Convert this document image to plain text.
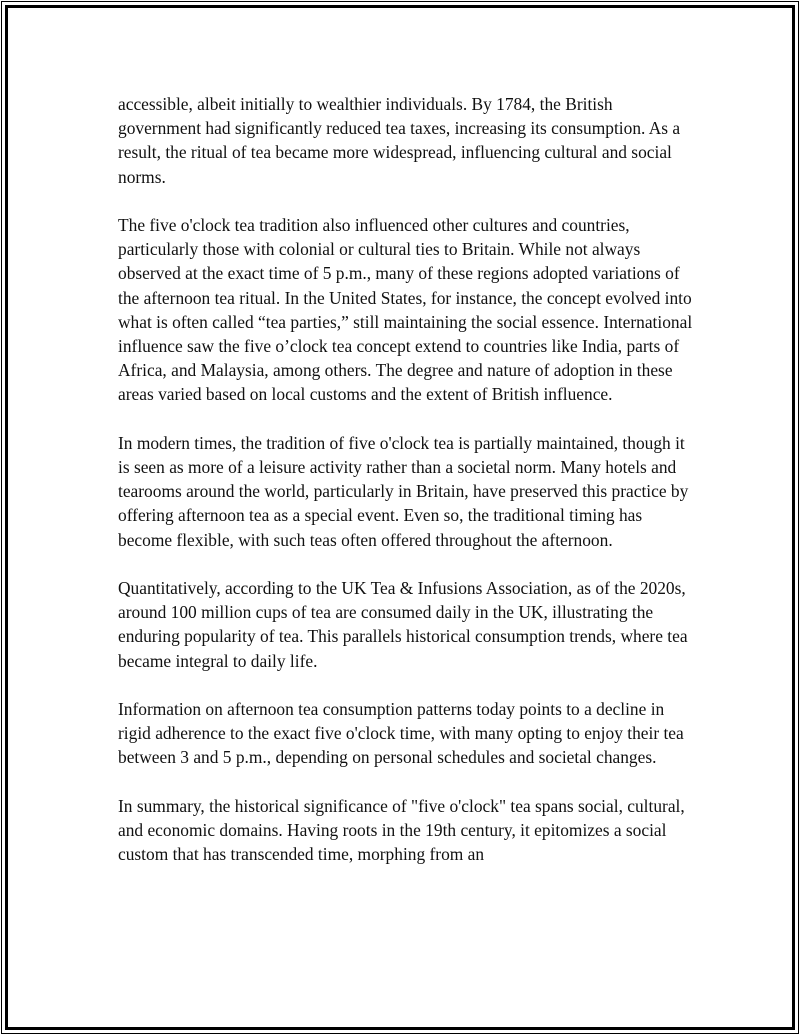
accessible, albeit initially to wealthier individuals. By 1784, the British government had significantly reduced tea taxes, increasing its consumption. As a result, the ritual of tea became more widespread, influencing cultural and social norms.

The five o'clock tea tradition also influenced other cultures and countries, particularly those with colonial or cultural ties to Britain. While not always observed at the exact time of 5 p.m., many of these regions adopted variations of the afternoon tea ritual. In the United States, for instance, the concept evolved into what is often called “tea parties,” still maintaining the social essence. International influence saw the five o’clock tea concept extend to countries like India, parts of Africa, and Malaysia, among others. The degree and nature of adoption in these areas varied based on local customs and the extent of British influence.

In modern times, the tradition of five o'clock tea is partially maintained, though it is seen as more of a leisure activity rather than a societal norm. Many hotels and tearooms around the world, particularly in Britain, have preserved this practice by offering afternoon tea as a special event. Even so, the traditional timing has become flexible, with such teas often offered throughout the afternoon.

Quantitatively, according to the UK Tea & Infusions Association, as of the 2020s, around 100 million cups of tea are consumed daily in the UK, illustrating the enduring popularity of tea. This parallels historical consumption trends, where tea became integral to daily life.

Information on afternoon tea consumption patterns today points to a decline in rigid adherence to the exact five o'clock time, with many opting to enjoy their tea between 3 and 5 p.m., depending on personal schedules and societal changes.

In summary, the historical significance of "five o'clock" tea spans social, cultural, and economic domains. Having roots in the 19th century, it epitomizes a social custom that has transcended time, morphing from an
